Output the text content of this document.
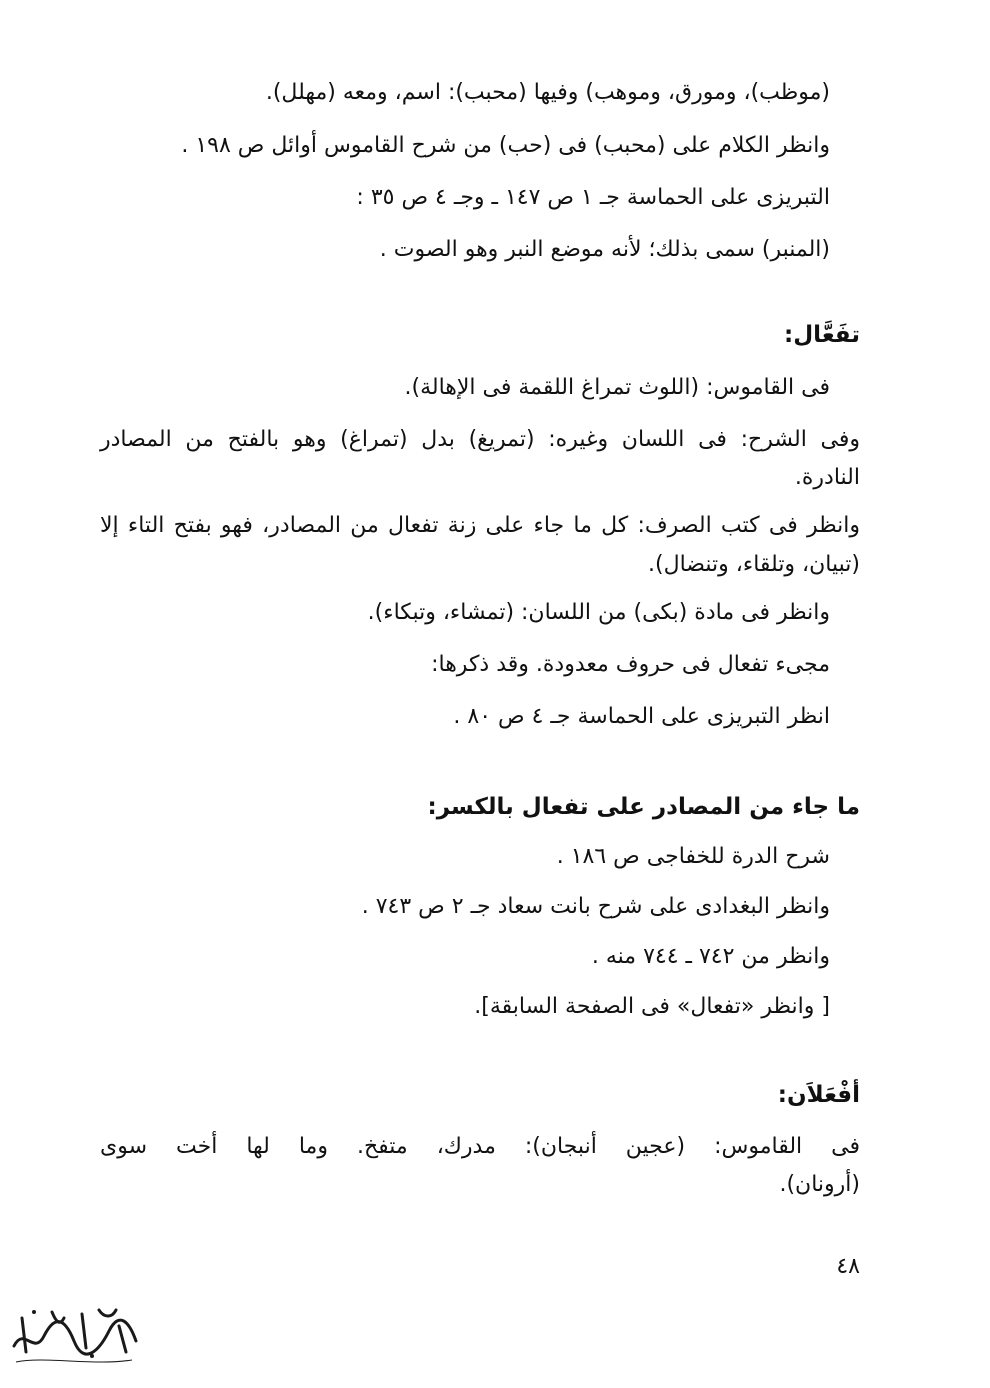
(موظب)، ومورق، وموهب) وفيها (محبب): اسم، ومعه (مهلل).
وانظر الكلام على (محبب) فى (حب) من شرح القاموس أوائل ص ١٩٨ .
التبريزى على الحماسة جـ ١ ص ١٤٧ ـ وجـ ٤ ص ٣٥ :
(المنبر) سمى بذلك؛ لأنه موضع النبر وهو الصوت .
تفَعَّال:
فى القاموس: (اللوث تمراغ اللقمة فى الإهالة).
وفى الشرح: فى اللسان وغيره: (تمريغ) بدل (تمراغ) وهو بالفتح من المصادر
النادرة.
وانظر فى كتب الصرف: كل ما جاء على زنة تفعال من المصادر، فهو بفتح التاء إلا
(تبيان، وتلقاء، وتنضال).
وانظر فى مادة (بكى) من اللسان: (تمشاء، وتبكاء).
مجىء تفعال فى حروف معدودة. وقد ذكرها:
انظر التبريزى على الحماسة جـ ٤ ص ٨٠ .
ما جاء من المصادر على تفعال بالكسر:
شرح الدرة للخفاجى ص ١٨٦ .
وانظر البغدادى على شرح بانت سعاد جـ ٢ ص ٧٤٣ .
وانظر من ٧٤٢ ـ ٧٤٤ منه .
[ وانظر «تفعال» فى الصفحة السابقة].
أفْعَلاَن:
فى القاموس: (عجين أنبجان): مدرك، متفخ. وما لها أخت سوى
(أرونان).
٤٨
